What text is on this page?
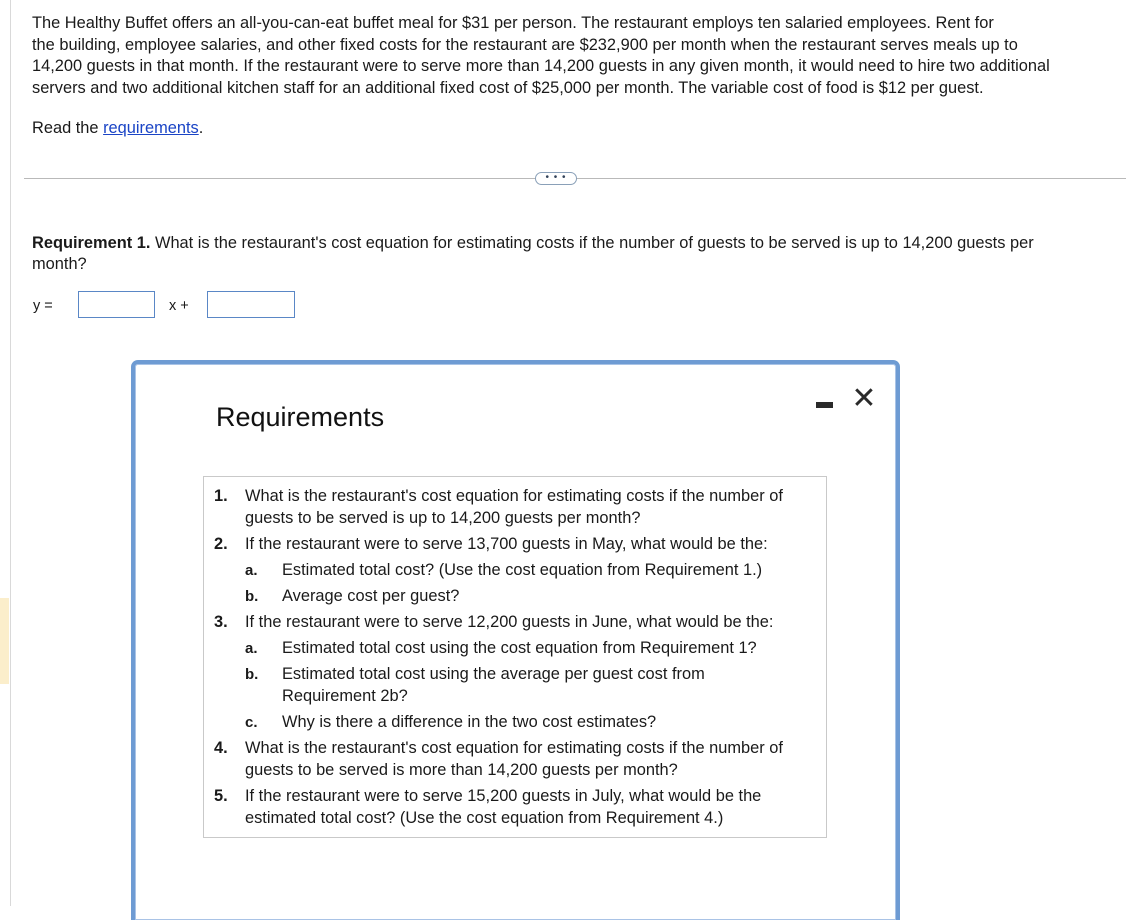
The Healthy Buffet offers an all-you-can-eat buffet meal for $31 per person. The restaurant employs ten salaried employees. Rent for
the building, employee salaries, and other fixed costs for the restaurant are $232,900 per month when the restaurant serves meals up to
14,200 guests in that month. If the restaurant were to serve more than 14,200 guests in any given month, it would need to hire two additional
servers and two additional kitchen staff for an additional fixed cost of $25,000 per month. The variable cost of food is $12 per guest.
Read the requirements.
• • •
Requirement 1. What is the restaurant's cost equation for estimating costs if the number of guests to be served is up to 14,200 guests per month?
y =	x +
Requirements
✕
1. What is the restaurant's cost equation for estimating costs if the number of guests to be served is up to 14,200 guests per month?
2. If the restaurant were to serve 13,700 guests in May, what would be the:
a. Estimated total cost? (Use the cost equation from Requirement 1.)
b. Average cost per guest?
3. If the restaurant were to serve 12,200 guests in June, what would be the:
a. Estimated total cost using the cost equation from Requirement 1?
b. Estimated total cost using the average per guest cost from Requirement 2b?
c. Why is there a difference in the two cost estimates?
4. What is the restaurant's cost equation for estimating costs if the number of guests to be served is more than 14,200 guests per month?
5. If the restaurant were to serve 15,200 guests in July, what would be the estimated total cost? (Use the cost equation from Requirement 4.)
